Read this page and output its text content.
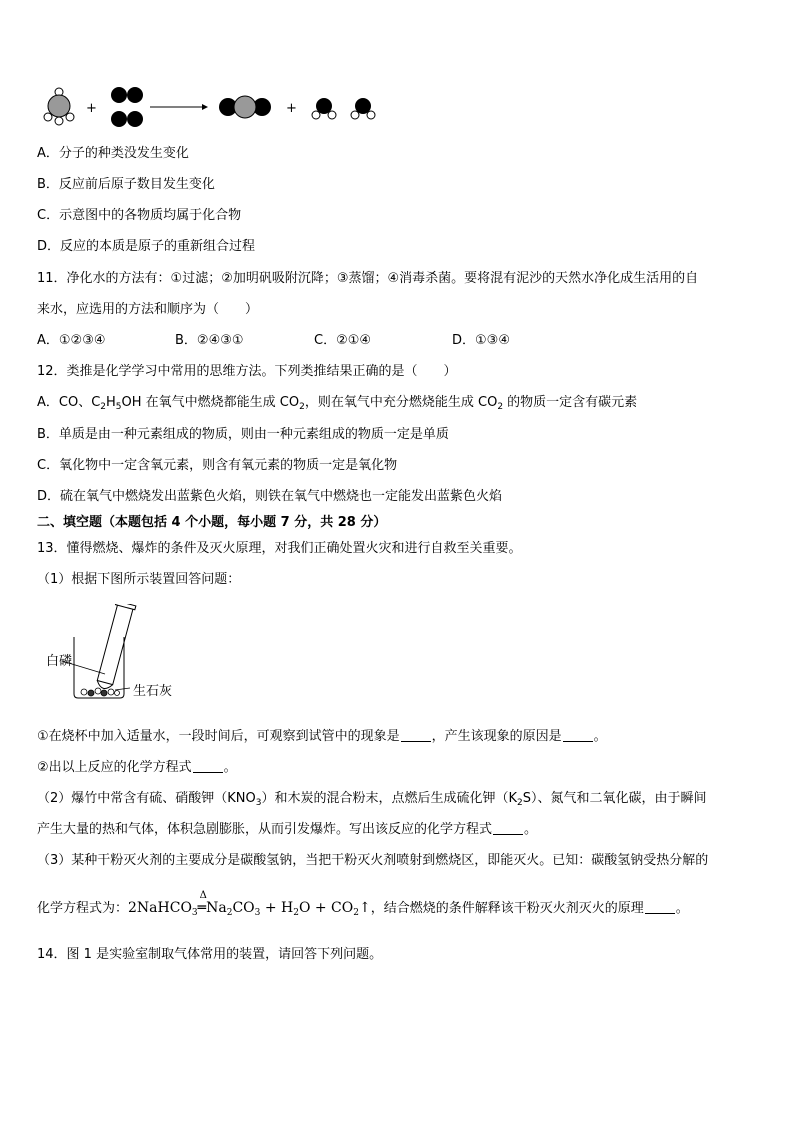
+	+
A．分子的种类没发生变化
B．反应前后原子数目发生变化
C．示意图中的各物质均属于化合物
D．反应的本质是原子的重新组合过程
11．净化水的方法有：①过滤；②加明矾吸附沉降；③蒸馏；④消毒杀菌。要将混有泥沙的天然水净化成生活用的自
来水，应选用的方法和顺序为（　　）
A．①②③④	B．②④③①	C．②①④	D．①③④
12．类推是化学学习中常用的思维方法。下列类推结果正确的是（　　）
A．CO、$C_2H_5OH$ 在氧气中燃烧都能生成 $CO_2$，则在氧气中充分燃烧能生成 $CO_2$ 的物质一定含有碳元素
B．单质是由一种元素组成的物质，则由一种元素组成的物质一定是单质
C．氧化物中一定含氧元素，则含有氧元素的物质一定是氧化物
D．硫在氧气中燃烧发出蓝紫色火焰，则铁在氧气中燃烧也一定能发出蓝紫色火焰
二、填空题（本题包括 4 个小题，每小题 7 分，共 28 分）
13．懂得燃烧、爆炸的条件及灭火原理，对我们正确处置火灾和进行自救至关重要。
（1）根据下图所示装置回答问题：
白磷
生石灰
①在烧杯中加入适量水，一段时间后，可观察到试管中的现象是 ，产生该现象的原因是 。
②出以上反应的化学方程式 。
（2）爆竹中常含有硫、硝酸钾$(KNO_3)$和木炭的混合粉末，点燃后生成硫化钾$(K_2S)$、氮气和二氧化碳，由于瞬间
产生大量的热和气体，体积急剧膨胀，从而引发爆炸。写出该反应的化学方程式 。
（3）某种干粉灭火剂的主要成分是碳酸氢钠，当把干粉灭火剂喷射到燃烧区，即能灭火。已知：碳酸氢钠受热分解的
化学方程式为：2NaHCO$_3$
Δ
$═Na_2CO_3 + H_2O$ + $CO_2↑$，结合燃烧的条件解释该干粉灭火剂灭火的原理 。
14．图 1 是实验室制取气体常用的装置，请回答下列问题。
